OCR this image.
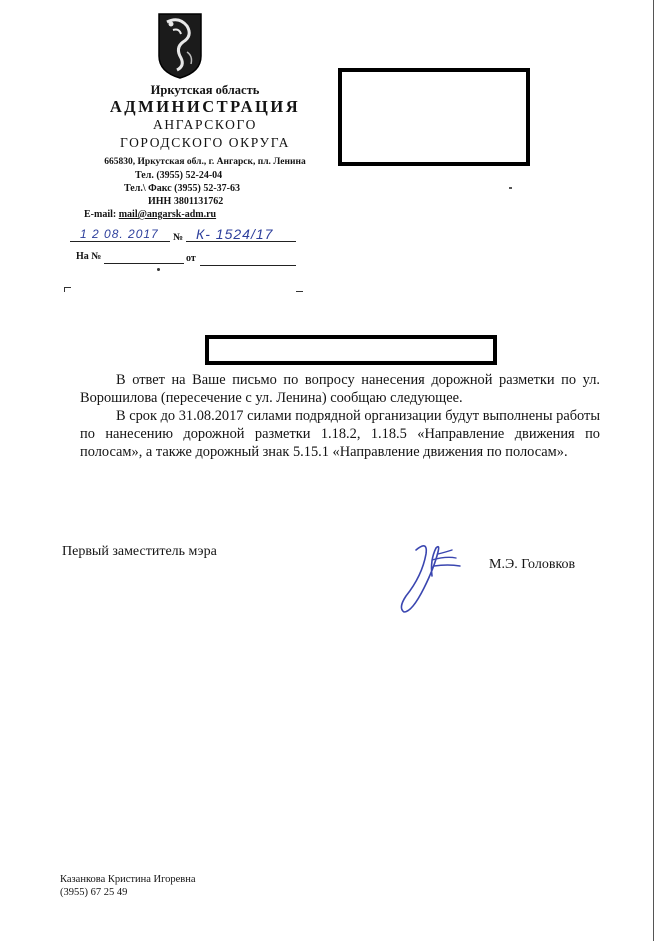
Иркутская область
АДМИНИСТРАЦИЯ
АНГАРСКОГО
ГОРОДСКОГО ОКРУГА
665830, Иркутская обл., г. Ангарск, пл. Ленина
Тел. (3955) 52-24-04
Тел.\ Факс (3955) 52-37-63
ИНН 3801131762
E-mail: mail@angarsk-adm.ru
1 2 08. 2017	№ К- 1524/17
На №	от

В ответ на Ваше письмо по вопросу нанесения дорожной разметки по ул. Ворошилова (пересечение с ул. Ленина) сообщаю следующее.

В срок до 31.08.2017 силами подрядной организации будут выполнены работы по нанесению дорожной разметки 1.18.2, 1.18.5 «Направление движения по полосам», а также дорожный знак 5.15.1 «Направление движения по полосам».

Первый заместитель мэра
М.Э. Головков
Казанкова Кристина Игоревна
(3955) 67 25 49
